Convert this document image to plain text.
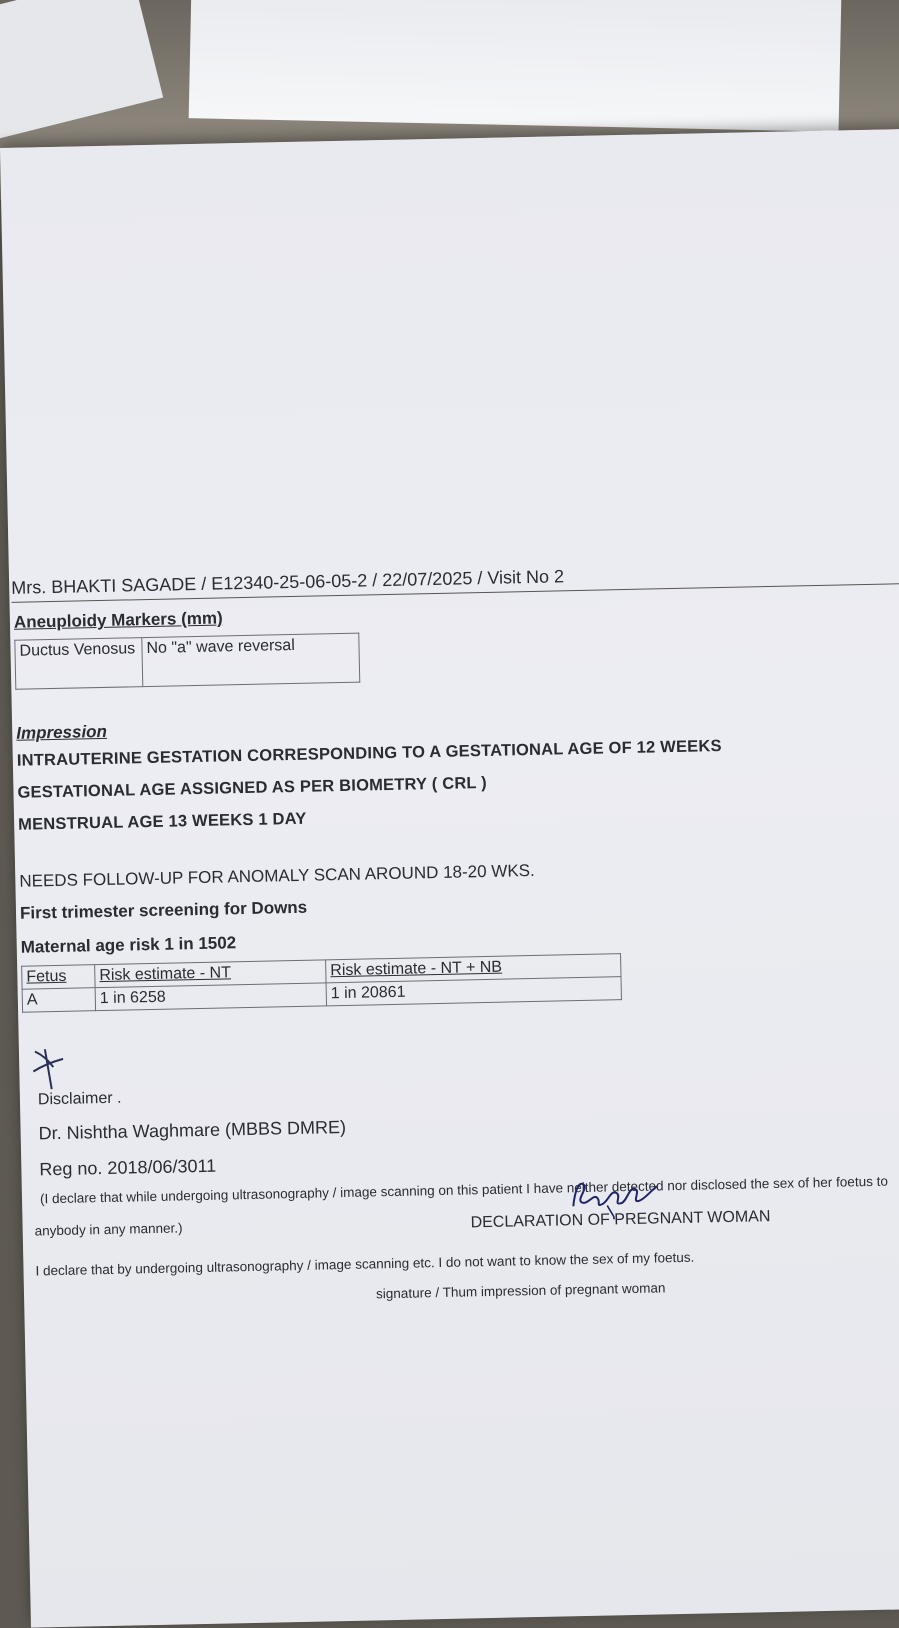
Mrs. BHAKTI SAGADE / E12340-25-06-05-2 / 22/07/2025 / Visit No 2
Aneuploidy Markers (mm)
Ductus Venosus	No "a" wave reversal
Impression
INTRAUTERINE GESTATION CORRESPONDING TO A GESTATIONAL AGE OF 12 WEEKS
GESTATIONAL AGE ASSIGNED AS PER BIOMETRY ( CRL )
MENSTRUAL AGE 13 WEEKS 1 DAY
NEEDS FOLLOW-UP FOR ANOMALY SCAN AROUND 18-20 WKS.
First trimester screening for Downs
Maternal age risk 1 in 1502
Fetus	Risk estimate - NT	Risk estimate - NT + NB
A	1 in 6258	1 in 20861
Disclaimer .
Dr. Nishtha Waghmare (MBBS DMRE)
Reg no. 2018/06/3011
(I declare that while undergoing ultrasonography / image scanning on this patient I have neither detected nor disclosed the sex of her foetus to
anybody in any manner.)	DECLARATION OF PREGNANT WOMAN
I declare that by undergoing ultrasonography / image scanning etc. I do not want to know the sex of my foetus.
signature / Thum impression of pregnant woman
